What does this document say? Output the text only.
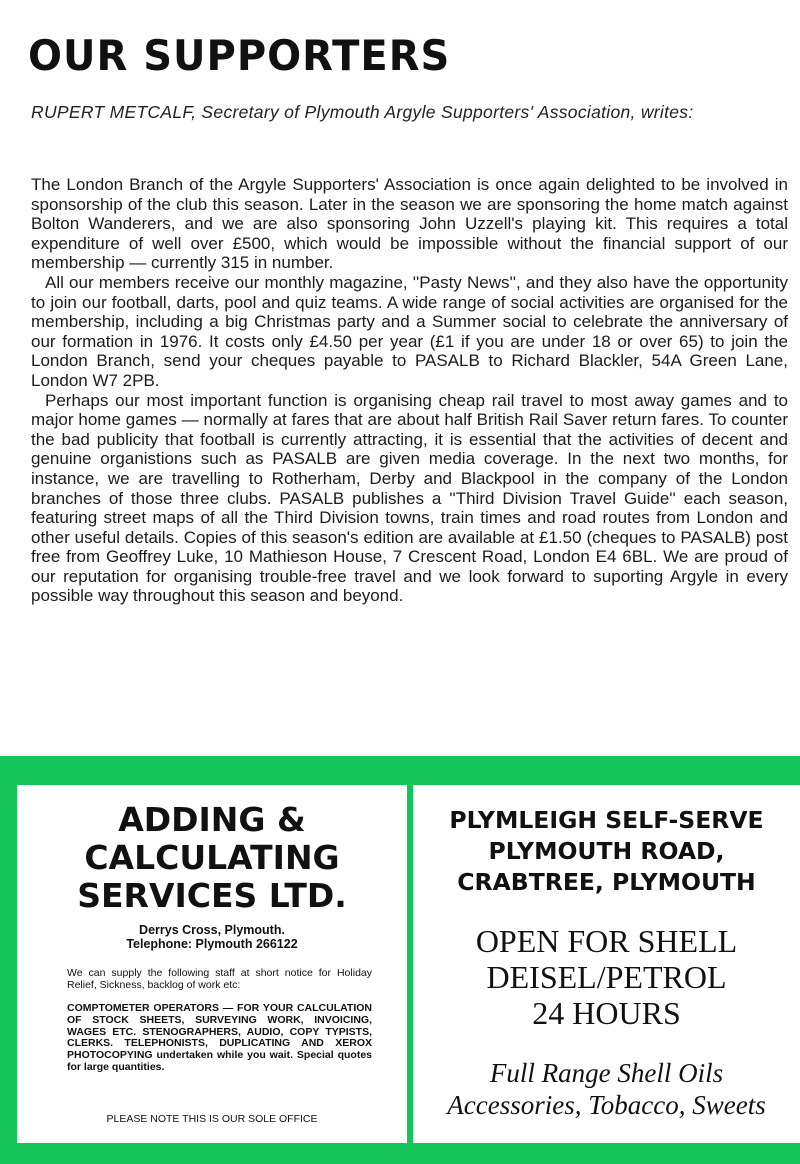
OUR SUPPORTERS

RUPERT METCALF, Secretary of Plymouth Argyle Supporters' Association, writes:

The London Branch of the Argyle Supporters' Association is once again delighted to be involved in sponsorship of the club this season. Later in the season we are sponsoring the home match against Bolton Wanderers, and we are also sponsoring John Uzzell's playing kit. This requires a total expenditure of well over £500, which would be impossible without the financial support of our membership — currently 315 in number.

All our members receive our monthly magazine, ''Pasty News'', and they also have the opportunity to join our football, darts, pool and quiz teams. A wide range of social activities are organised for the membership, including a big Christmas party and a Summer social to celebrate the anniversary of our formation in 1976. It costs only £4.50 per year (£1 if you are under 18 or over 65) to join the London Branch, send your cheques payable to PASALB to Richard Blackler, 54A Green Lane, London W7 2PB.

Perhaps our most important function is organising cheap rail travel to most away games and to major home games — normally at fares that are about half British Rail Saver return fares. To counter the bad publicity that football is currently attracting, it is essential that the activities of decent and genuine organistions such as PASALB are given media coverage. In the next two months, for instance, we are travelling to Rotherham, Derby and Blackpool in the company of the London branches of those three clubs. PASALB publishes a ''Third Division Travel Guide'' each season, featuring street maps of all the Third Division towns, train times and road routes from London and other useful details. Copies of this season's edition are available at £1.50 (cheques to PASALB) post free from Geoffrey Luke, 10 Mathieson House, 7 Crescent Road, London E4 6BL. We are proud of our reputation for organising trouble-free travel and we look forward to suporting Argyle in every possible way throughout this season and beyond.

ADDING &
CALCULATING
SERVICES LTD.
Derrys Cross, Plymouth.
Telephone: Plymouth 266122
We can supply the following staff at short notice for Holiday Relief, Sickness, backlog of work etc:
COMPTOMETER OPERATORS — FOR YOUR CALCULATION OF STOCK SHEETS, SURVEYING WORK, INVOICING, WAGES ETC. STENOGRAPHERS, AUDIO, COPY TYPISTS, CLERKS. TELEPHONISTS, DUPLICATING AND XEROX PHOTOCOPYING undertaken while you wait. Special quotes for large quantities.
PLEASE NOTE THIS IS OUR SOLE OFFICE
PLYMLEIGH SELF-SERVE
PLYMOUTH ROAD,
CRABTREE, PLYMOUTH
OPEN FOR SHELL
DEISEL/PETROL
24 HOURS
Full Range Shell Oils
Accessories, Tobacco, Sweets
